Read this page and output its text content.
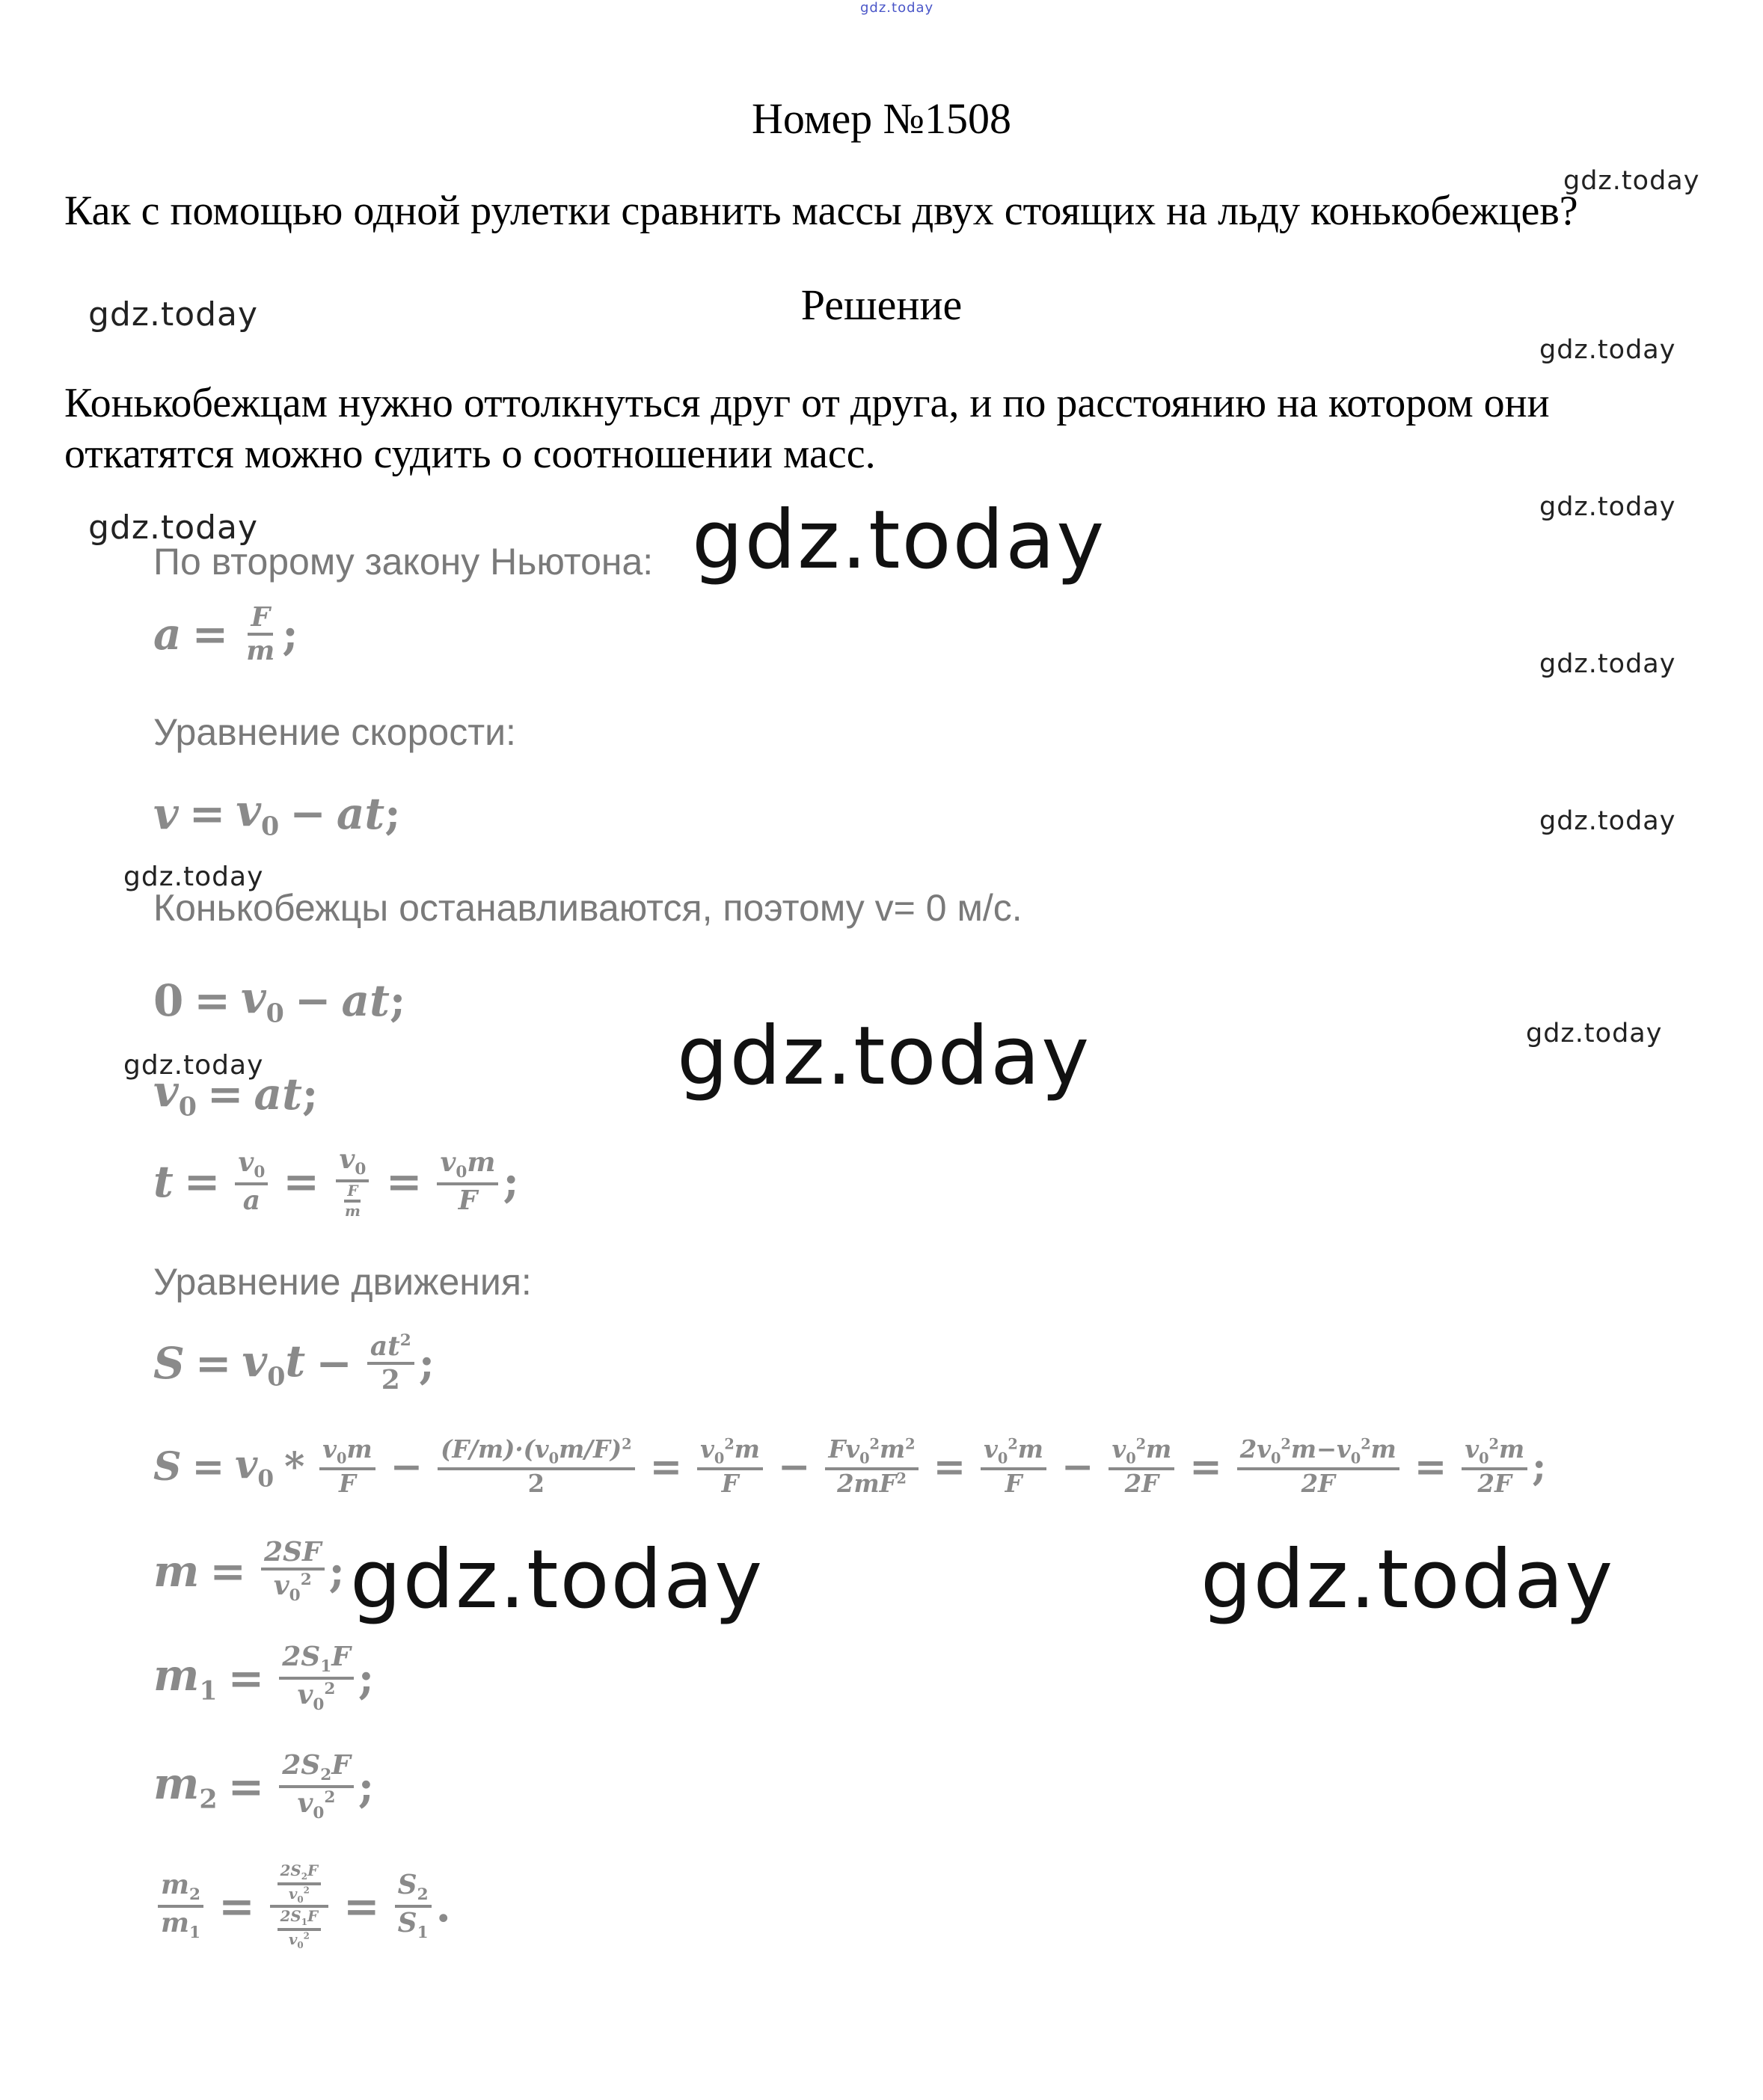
gdz.today
Номер №1508
gdz.today
Как с помощью одной рулетки сравнить массы двух стоящих на льду конькобежцев?
gdz.today	Решение
gdz.today
Конькобежцам нужно оттолкнуться друг от друга, и по расстоянию на котором они
откатятся можно судить о соотношении масс.
gdz.today
gdz.today
По второму закону Ньютона: gdz.today
$a = \frac{F}{m}$ ;
gdz.today
Уравнение скорости:
$v = v_0$ − at ;	gdz.today
gdz.today
Конькобежцы останавливаются, поэтому v= 0 м/с.
$0 = v_0$ − at ;
gdz.today	gdz.today
gdz.today
$v_0$ = at ;
$t = \frac{v_0}{a} = \frac{v_0}{\frac{F}{m}} = \frac{v_0m}{F}$ ;
Уравнение движения:
$S = v_0t - \frac{at^2}{2}$ ;
$S = v_0 * \frac{v_0m}{F} - \frac{(F/m)\cdot(v_0m/F)^2}{2} = \frac{v_0^2m}{F} - \frac{Fv_0^2m^2}{2mF^2} = \frac{v_0^2m}{F} - \frac{v_0^2m}{2F} = \frac{2v_0^2m-v_0^2m}{2F} = \frac{v_0^2m}{2F}$ ;
$m = \frac{2SF}{v_0^2}$ ; gdz.today	gdz.today
$m_1 = \frac{2S_1F}{v_0^2}$ ;
$m_2 = \frac{2S_2F}{v_0^2}$ ;
$\frac{m_2}{m_1} = \frac{\frac{2S_2F}{v_0^2}}{\frac{2S_1F}{v_0^2}} = \frac{S_2}{S_1}$ .
